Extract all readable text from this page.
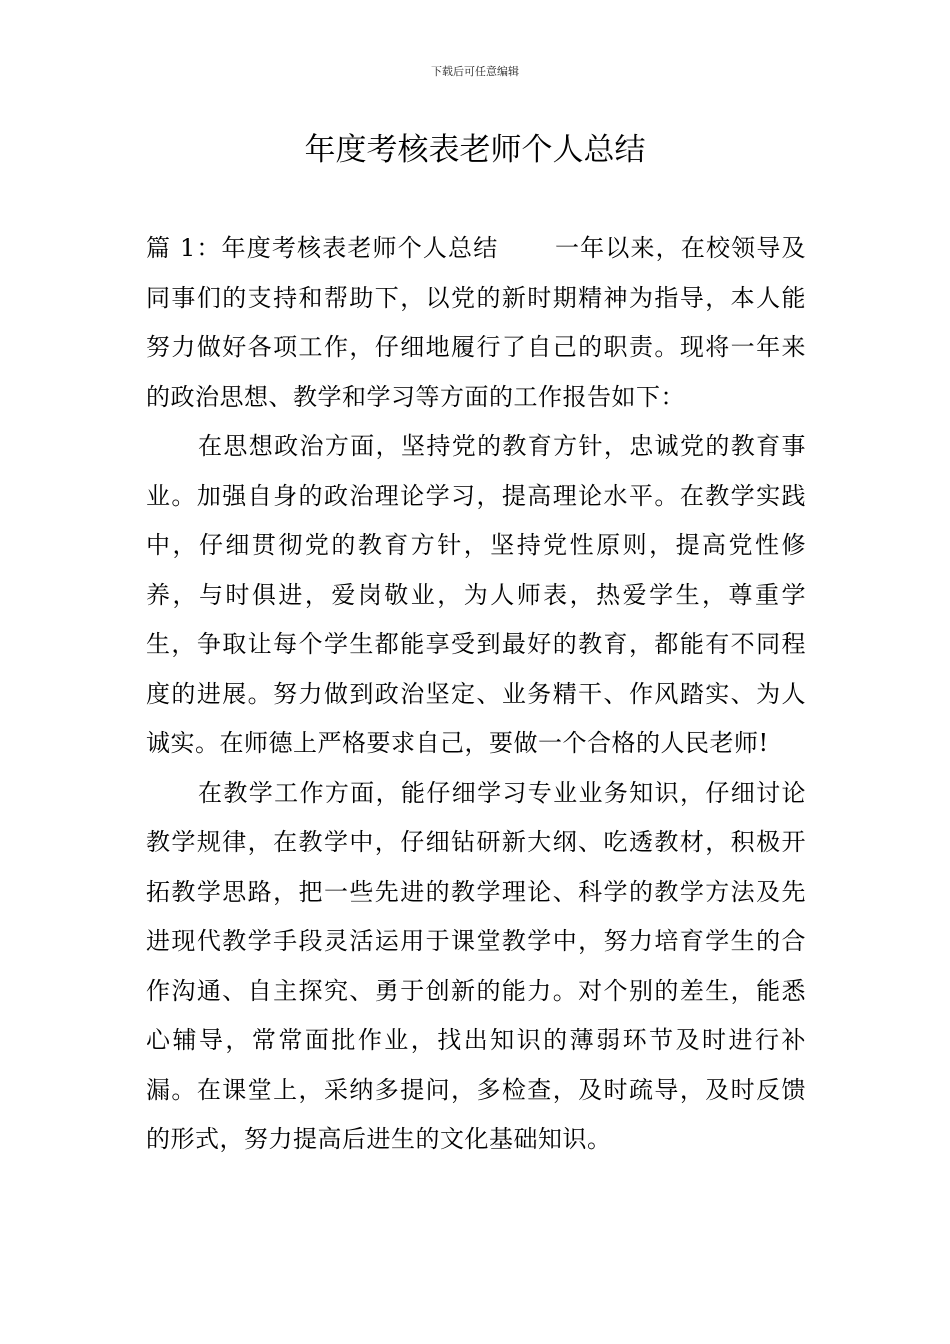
下载后可任意编辑
年度考核表老师个人总结

篇 1：年度考核表老师个人总结 一年以来，在校领导及同事们的支持和帮助下，以党的新时期精神为指导，本人能努力做好各项工作，仔细地履行了自己的职责。现将一年来的政治思想、教学和学习等方面的工作报告如下：

在思想政治方面，坚持党的教育方针，忠诚党的教育事业。加强自身的政治理论学习，提高理论水平。在教学实践中，仔细贯彻党的教育方针，坚持党性原则，提高党性修养，与时俱进，爱岗敬业，为人师表，热爱学生，尊重学生，争取让每个学生都能享受到最好的教育，都能有不同程度的进展。努力做到政治坚定、业务精干、作风踏实、为人诚实。在师德上严格要求自己，要做一个合格的人民老师!

在教学工作方面，能仔细学习专业业务知识，仔细讨论教学规律，在教学中，仔细钻研新大纲、吃透教材，积极开拓教学思路，把一些先进的教学理论、科学的教学方法及先进现代教学手段灵活运用于课堂教学中，努力培育学生的合作沟通、自主探究、勇于创新的能力。对个别的差生，能悉心辅导，常常面批作业，找出知识的薄弱环节及时进行补漏。在课堂上，采纳多提问，多检查，及时疏导，及时反馈的形式，努力提高后进生的文化基础知识。
